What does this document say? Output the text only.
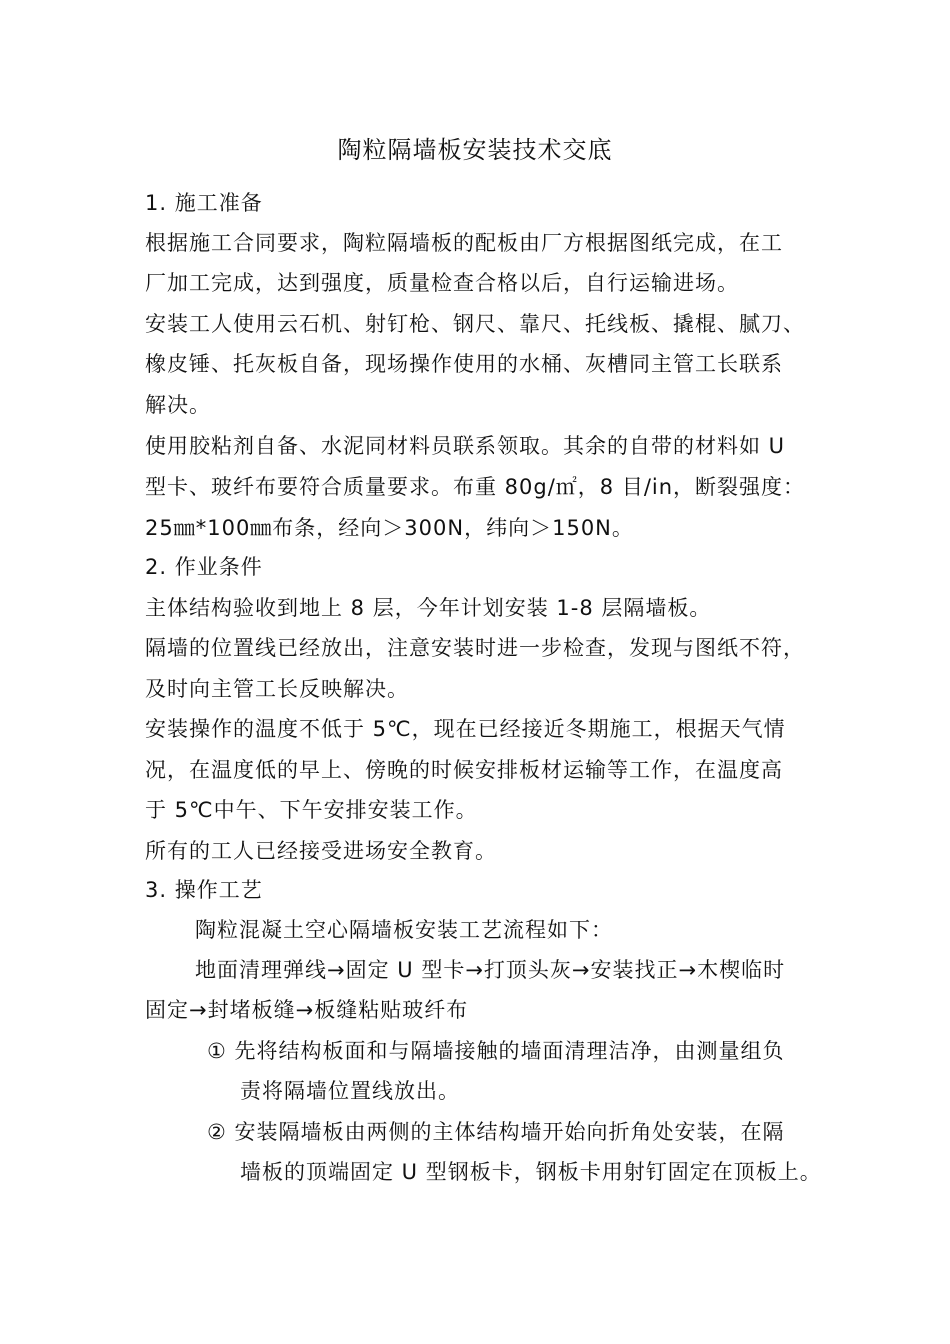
陶粒隔墙板安装技术交底
1. 施工准备
根据施工合同要求，陶粒隔墙板的配板由厂方根据图纸完成，在工
厂加工完成，达到强度，质量检查合格以后，自行运输进场。
安装工人使用云石机、射钉枪、钢尺、靠尺、托线板、撬棍、腻刀、
橡皮锤、托灰板自备，现场操作使用的水桶、灰槽同主管工长联系
解决。
使用胶粘剂自备、水泥同材料员联系领取。其余的自带的材料如 U
型卡、玻纤布要符合质量要求。布重 80g/㎡，8 目/in，断裂强度：
25㎜*100㎜布条，经向＞300N，纬向＞150N。
2. 作业条件
主体结构验收到地上 8 层，今年计划安装 1-8 层隔墙板。
隔墙的位置线已经放出，注意安装时进一步检查，发现与图纸不符，
及时向主管工长反映解决。
安装操作的温度不低于 5℃，现在已经接近冬期施工，根据天气情
况，在温度低的早上、傍晚的时候安排板材运输等工作，在温度高
于 5℃中午、下午安排安装工作。
所有的工人已经接受进场安全教育。
3. 操作工艺
陶粒混凝土空心隔墙板安装工艺流程如下：
地面清理弹线→固定 U 型卡→打顶头灰→安装找正→木楔临时
固定→封堵板缝→板缝粘贴玻纤布
① 先将结构板面和与隔墙接触的墙面清理洁净，由测量组负
责将隔墙位置线放出。
② 安装隔墙板由两侧的主体结构墙开始向折角处安装，在隔
墙板的顶端固定 U 型钢板卡，钢板卡用射钉固定在顶板上。
